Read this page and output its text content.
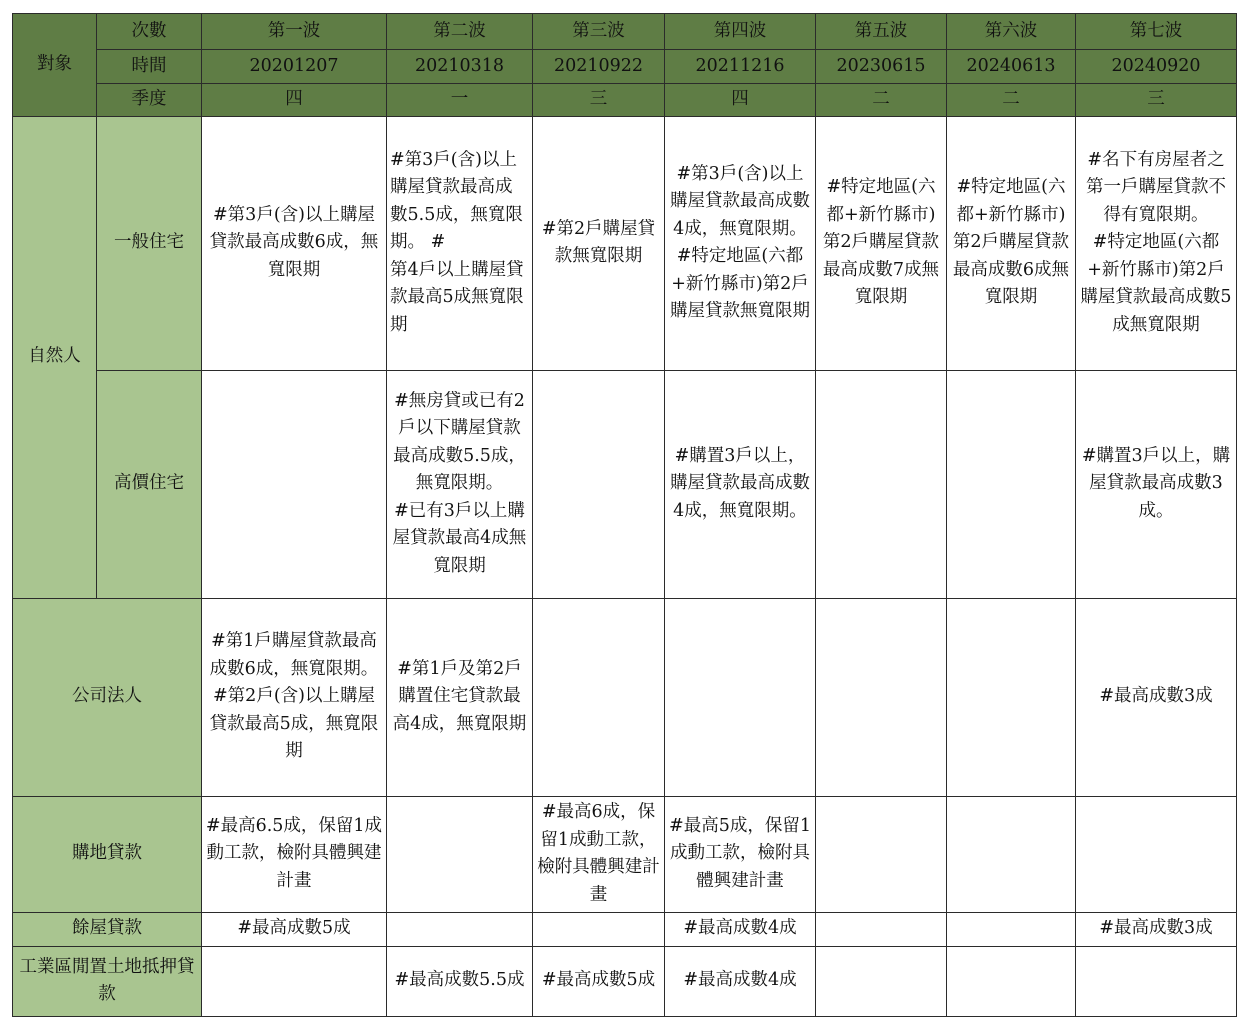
對象	次數	第一波	第二波	第三波	第四波	第五波	第六波	第七波

	時間	20201207	20210318	20210922	20211216	20230615	20240613	20240920

	季度	四	一	三	四	二	二	三

自然人	一般住宅	#第3戶(含)以上購屋貸款最高成數6成，無寬限期	#第3戶(含)以上購屋貸款最高成數5.5成，無寬限
期。 #
第4戶以上購屋貸款最高5成無寬限期	#第2戶購屋貸款無寬限期	#第3戶(含)以上購屋貸款最高成數4成，無寬限期。
#特定地區(六都+新竹縣市)第2戶購屋貸款無寬限期	#特定地區(六都+新竹縣市)第2戶購屋貸款最高成數7成無寬限期	#特定地區(六都+新竹縣市)第2戶購屋貸款最高成數6成無寬限期	#名下有房屋者之第一戶購屋貸款不得有寬限期。
#特定地區(六都+新竹縣市)第2戶購屋貸款最高成數5成無寬限期

	高價住宅		#無房貸或已有2戶以下購屋貸款最高成數5.5成，無寬限期。
#已有3戶以上購屋貸款最高4成無寬限期		#購置3戶以上，購屋貸款最高成數4成，無寬限期。			#購置3戶以上，購屋貸款最高成數3成。

公司法人		#第1戶購屋貸款最高成數6成，無寬限期。
#第2戶(含)以上購屋貸款最高5成，無寬限期	#第1戶及第2戶購置住宅貸款最高4成，無寬限期					#最高成數3成

購地貸款		#最高6.5成，保留1成動工款，檢附具體興建計畫		#最高6成，保留1成動工款，檢附具體興建計畫	#最高5成，保留1成動工款，檢附具體興建計畫			

餘屋貸款		#最高成數5成			#最高成數4成			#最高成數3成

工業區閒置土地抵押貸款			#最高成數5.5成	#最高成數5成	#最高成數4成			
